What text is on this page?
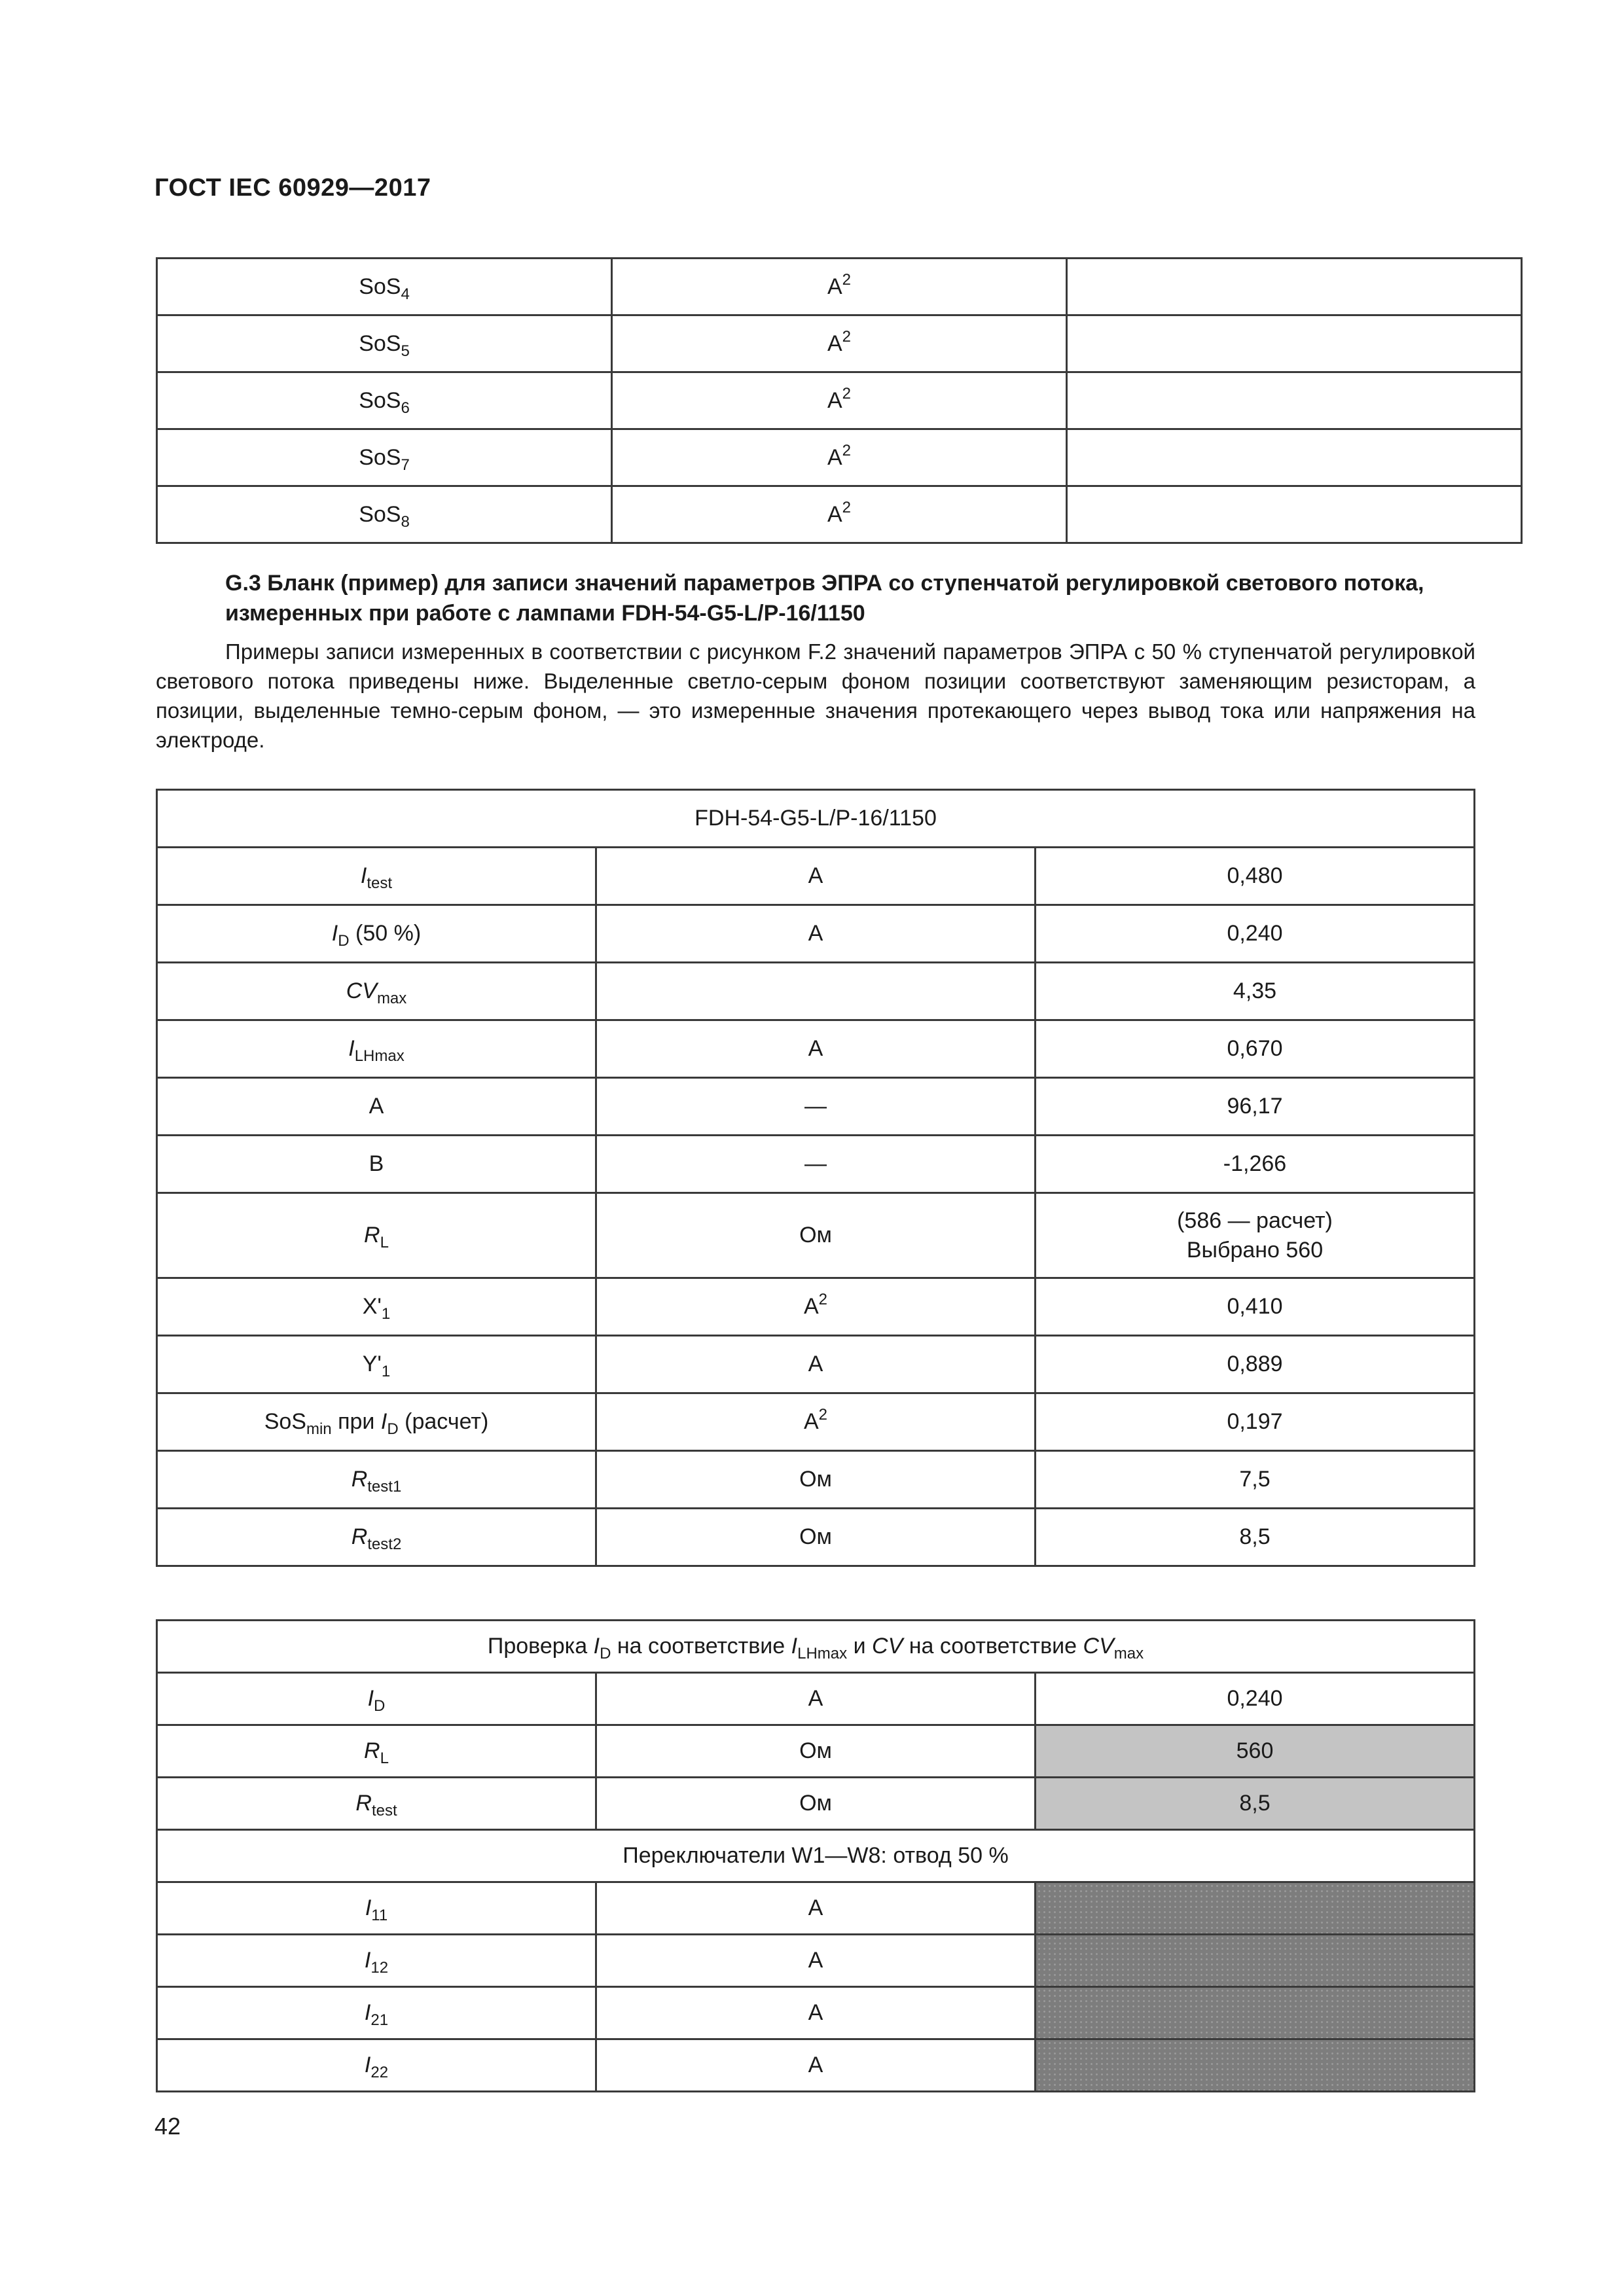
ГОСТ IEC 60929—2017
SoS$_4$	$A^2$	
SoS$_5$	$A^2$	
SoS$_6$	$A^2$	
SoS$_7$	$A^2$	
SoS$_8$	$A^2$	
G.3 Бланк (пример) для записи значений параметров ЭПРА со ступенчатой регулировкой светового потока, измеренных при работе с лампами FDH-54-G5-L/P-16/1150
Примеры записи измеренных в соответствии с рисунком F.2 значений параметров ЭПРА с 50 % ступенчатой регулировкой светового потока приведены ниже. Выделенные светло-серым фоном позиции соответствуют заменяющим резисторам, а позиции, выделенные темно-серым фоном, — это измеренные значения протекающего через вывод тока или напряжения на электроде.
FDH-54-G5-L/P-16/1150		
$I_{test}$	A	0,480
$I_D$ (50 %)	A	0,240
$CV_{max}$		4,35
$I_{LHmax}$	A	0,670
A	—	96,17
B	—	-1,266
$R_L$	Ом	(586 — расчет)
Выбрано 560

$X'_1$	$A^2$	0,410
$Y'_1$	A	0,889
SoS$_{min}$ при $I_D$ (расчет)	$A^2$	0,197
$R_{test1}$	Ом	7,5
$R_{test2}$	Ом	8,5
Проверка $I_D$ на соответствие $I_{LHmax}$ и CV на соответствие $CV_{max}$
$I_D$	A	0,240
$R_L$	Ом	560
$R_{test}$	Ом	8,5
Переключатели W1—W8: отвод 50 %		
$I_{11}$	A	
$I_{12}$	A	
$I_{21}$	A	
$I_{22}$	A	
42
